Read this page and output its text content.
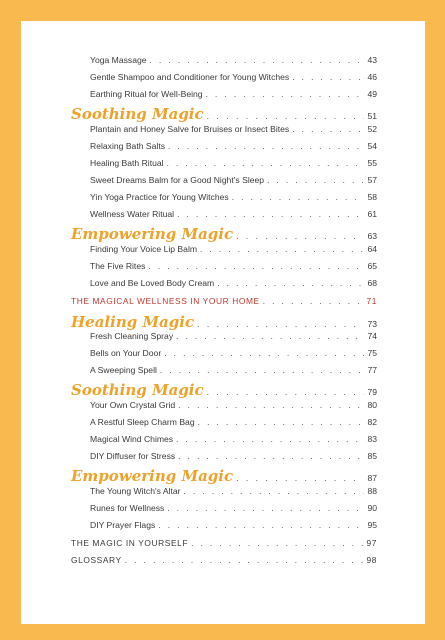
Yoga Massage . . .	43
Gentle Shampoo and Conditioner for Young Witches . . .	46
Earthing Ritual for Well-Being . . .	49
Soothing Magic . . .	51
Plantain and Honey Salve for Bruises or Insect Bites . . .	52
Relaxing Bath Salts . . .	54
Healing Bath Ritual . . .	55
Sweet Dreams Balm for a Good Night's Sleep . . .	57
Yin Yoga Practice for Young Witches . . .	58
Wellness Water Ritual . . .	61
Empowering Magic . . .	63
Finding Your Voice Lip Balm . . .	64
The Five Rites . . .	65
Love and Be Loved Body Cream . . .	68
THE MAGICAL WELLNESS IN YOUR HOME . . .	71
Healing Magic . . .	73
Fresh Cleaning Spray . . .	74
Bells on Your Door . . .	75
A Sweeping Spell . . .	77
Soothing Magic . . .	79
Your Own Crystal Grid . . .	80
A Restful Sleep Charm Bag . . .	82
Magical Wind Chimes . . .	83
DIY Diffuser for Stress . . .	85
Empowering Magic . . .	87
The Young Witch's Altar . . .	88
Runes for Wellness . . .	90
DIY Prayer Flags . . .	95
THE MAGIC IN YOURSELF . . .	97
GLOSSARY . . .	98
